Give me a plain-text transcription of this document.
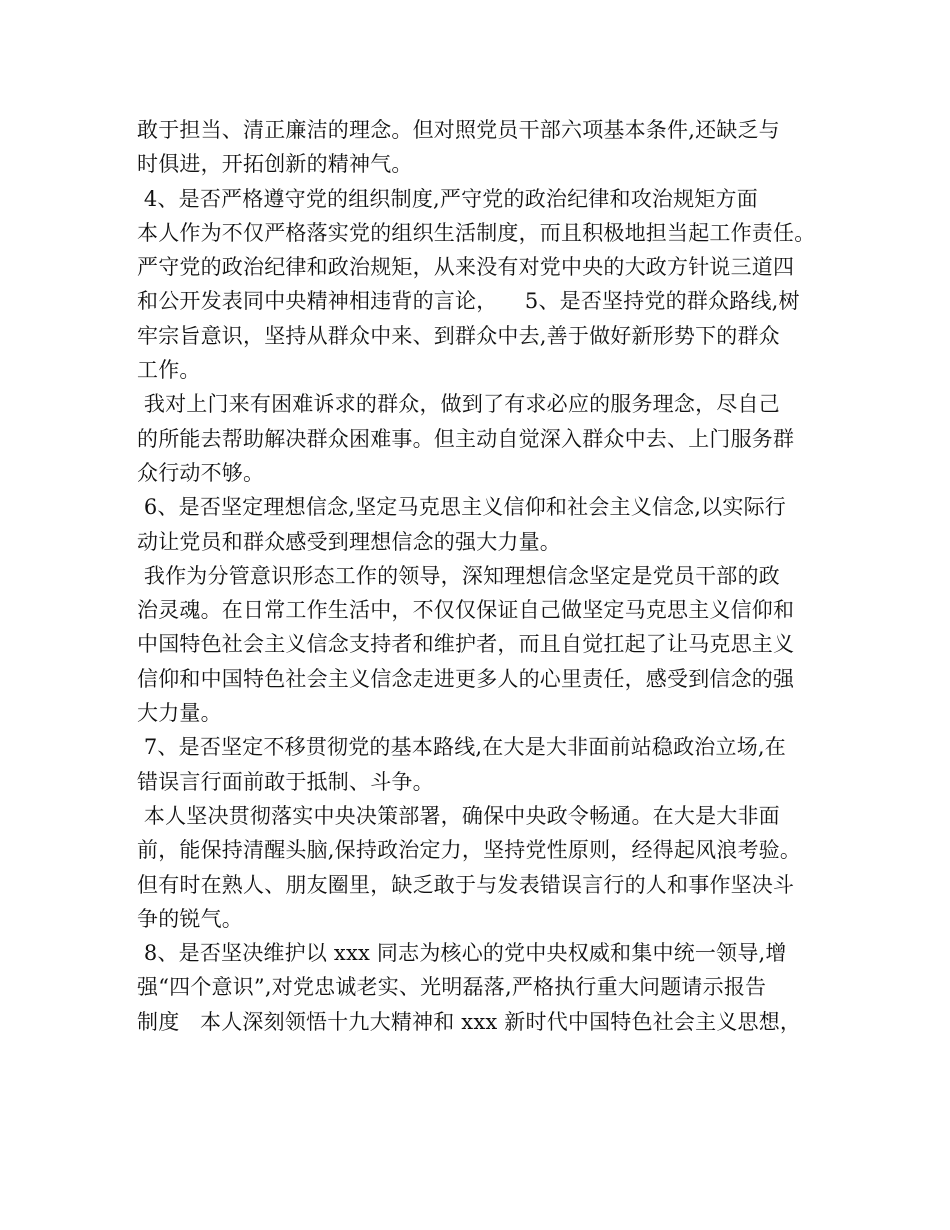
敢于担当、清正廉洁的理念。但对照党员干部六项基本条件,还缺乏与
时俱进，开拓创新的精神气。
4、是否严格遵守党的组织制度,严守党的政治纪律和攻治规矩方面
本人作为不仅严格落实党的组织生活制度，而且积极地担当起工作责任。
严守党的政治纪律和政治规矩，从来没有对党中央的大政方针说三道四
和公开发表同中央精神相违背的言论，    5、是否坚持党的群众路线,树
牢宗旨意识，坚持从群众中来、到群众中去,善于做好新形势下的群众
工作。
我对上门来有困难诉求的群众，做到了有求必应的服务理念，尽自己
的所能去帮助解决群众困难事。但主动自觉深入群众中去、上门服务群
众行动不够。
6、是否坚定理想信念,坚定马克思主义信仰和社会主义信念,以实际行
动让党员和群众感受到理想信念的强大力量。
我作为分管意识形态工作的领导，深知理想信念坚定是党员干部的政
治灵魂。在日常工作生活中，不仅仅保证自己做坚定马克思主义信仰和
中国特色社会主义信念支持者和维护者，而且自觉扛起了让马克思主义
信仰和中国特色社会主义信念走进更多人的心里责任，感受到信念的强
大力量。
7、是否坚定不移贯彻党的基本路线,在大是大非面前站稳政治立场,在
错误言行面前敢于抵制、斗争。
本人坚决贯彻落实中央决策部署，确保中央政令畅通。在大是大非面
前，能保持清醒头脑,保持政治定力，坚持党性原则，经得起风浪考验。
但有时在熟人、朋友圈里，缺乏敢于与发表错误言行的人和事作坚决斗
争的锐气。
8、是否坚决维护以 xxx 同志为核心的党中央权威和集中统一领导,增
强“四个意识”,对党忠诚老实、光明磊落,严格执行重大问题请示报告
制度   本人深刻领悟十九大精神和 xxx 新时代中国特色社会主义思想，
